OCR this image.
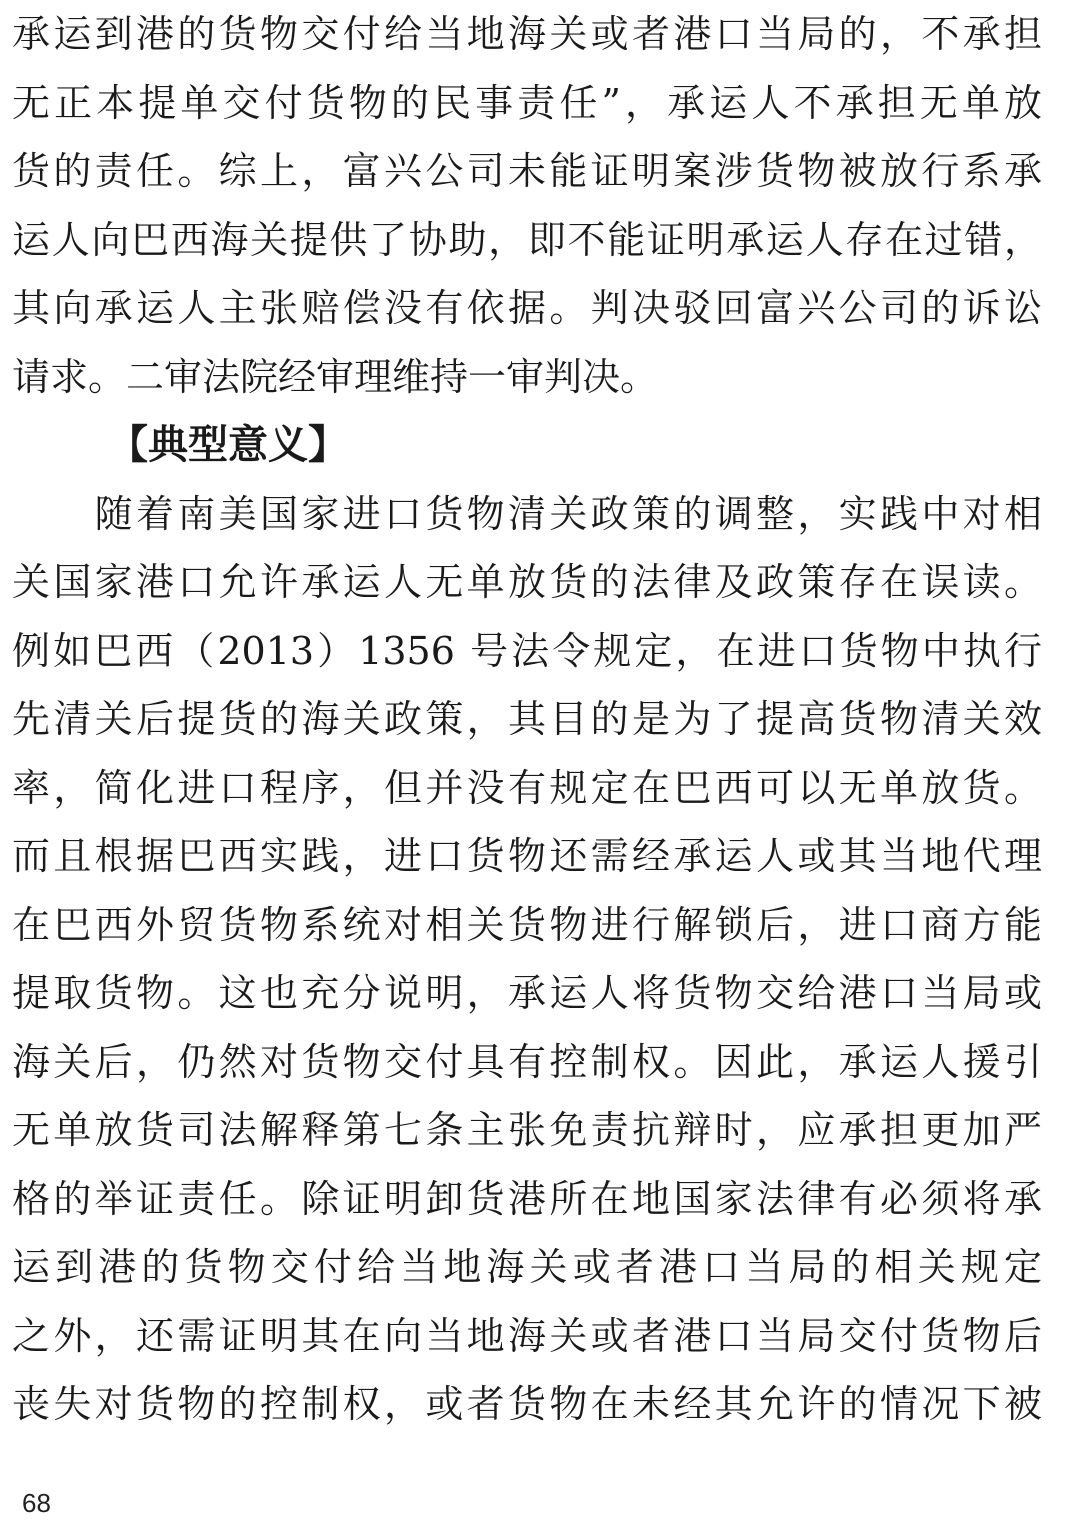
承运到港的货物交付给当地海关或者港口当局的，不承担
无正本提单交付货物的民事责任”，承运人不承担无单放
货的责任。综上，富兴公司未能证明案涉货物被放行系承
运人向巴西海关提供了协助，即不能证明承运人存在过错，
其向承运人主张赔偿没有依据。判决驳回富兴公司的诉讼
请求。二审法院经审理维持一审判决。
【典型意义】
　　随着南美国家进口货物清关政策的调整，实践中对相
关国家港口允许承运人无单放货的法律及政策存在误读。
例如巴西（2013）1356 号法令规定，在进口货物中执行
先清关后提货的海关政策，其目的是为了提高货物清关效
率，简化进口程序，但并没有规定在巴西可以无单放货。
而且根据巴西实践，进口货物还需经承运人或其当地代理
在巴西外贸货物系统对相关货物进行解锁后，进口商方能
提取货物。这也充分说明，承运人将货物交给港口当局或
海关后，仍然对货物交付具有控制权。因此，承运人援引
无单放货司法解释第七条主张免责抗辩时，应承担更加严
格的举证责任。除证明卸货港所在地国家法律有必须将承
运到港的货物交付给当地海关或者港口当局的相关规定
之外，还需证明其在向当地海关或者港口当局交付货物后
丧失对货物的控制权，或者货物在未经其允许的情况下被
68
